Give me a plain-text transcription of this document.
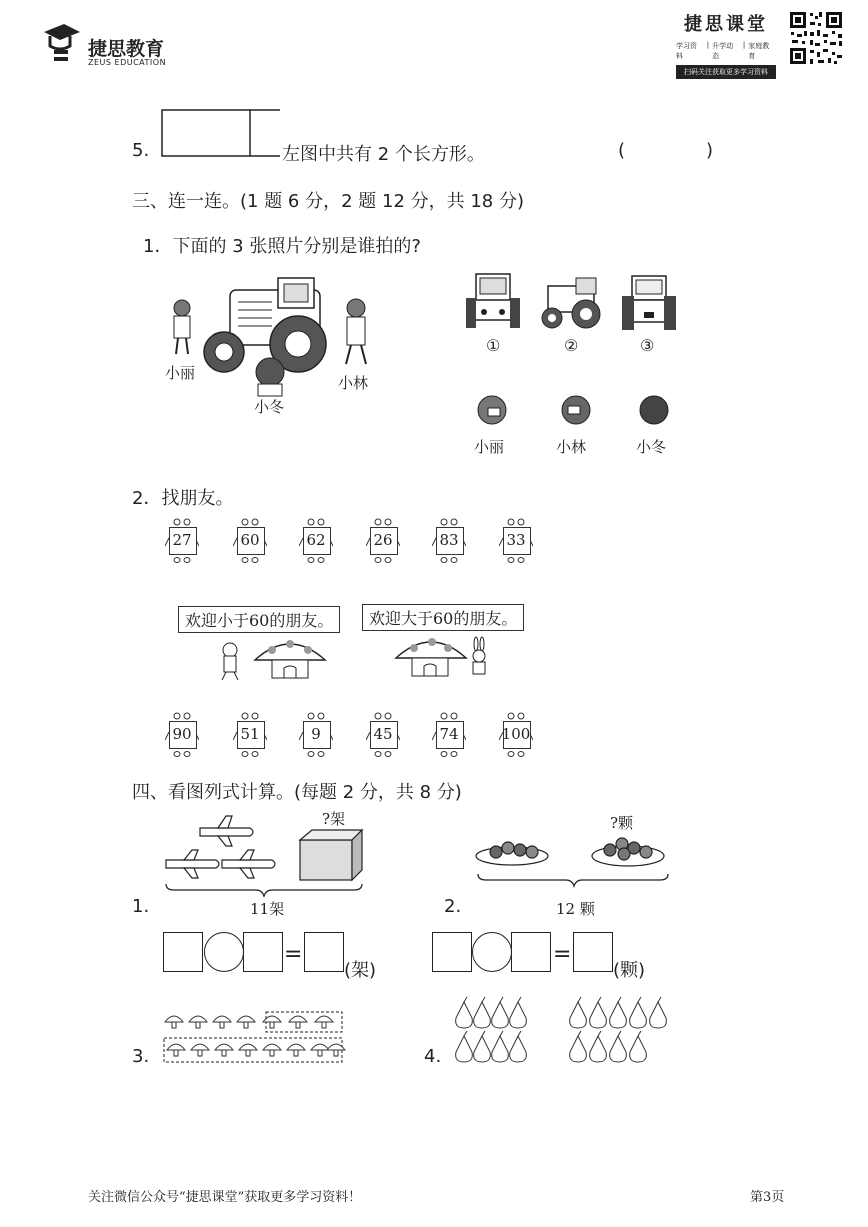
捷思教育
ZEUS EDUCATION
捷思课堂
学习资料
| 升学动态
| 家庭教育
扫码关注获取更多学习资料
5.	左图中共有 2 个长方形。	(	)
三、连一连。(1 题 6 分，2 题 12 分，共 18 分)
1．下面的 3 张照片分别是谁拍的?
小丽
小冬
小林
①	②	③
小丽	小林	小冬
2．找朋友。
27	60	62	26	83	33
欢迎小于60的朋友。	欢迎大于60的朋友。
90	51	9	45	74	100
四、看图列式计算。(每题 2 分，共 8 分)
?架
1.	11架
=
(架)
?颗
2.	12 颗
=
(颗)
3.	4.
关注微信公众号“捷思课堂”获取更多学习资料！	第3页
